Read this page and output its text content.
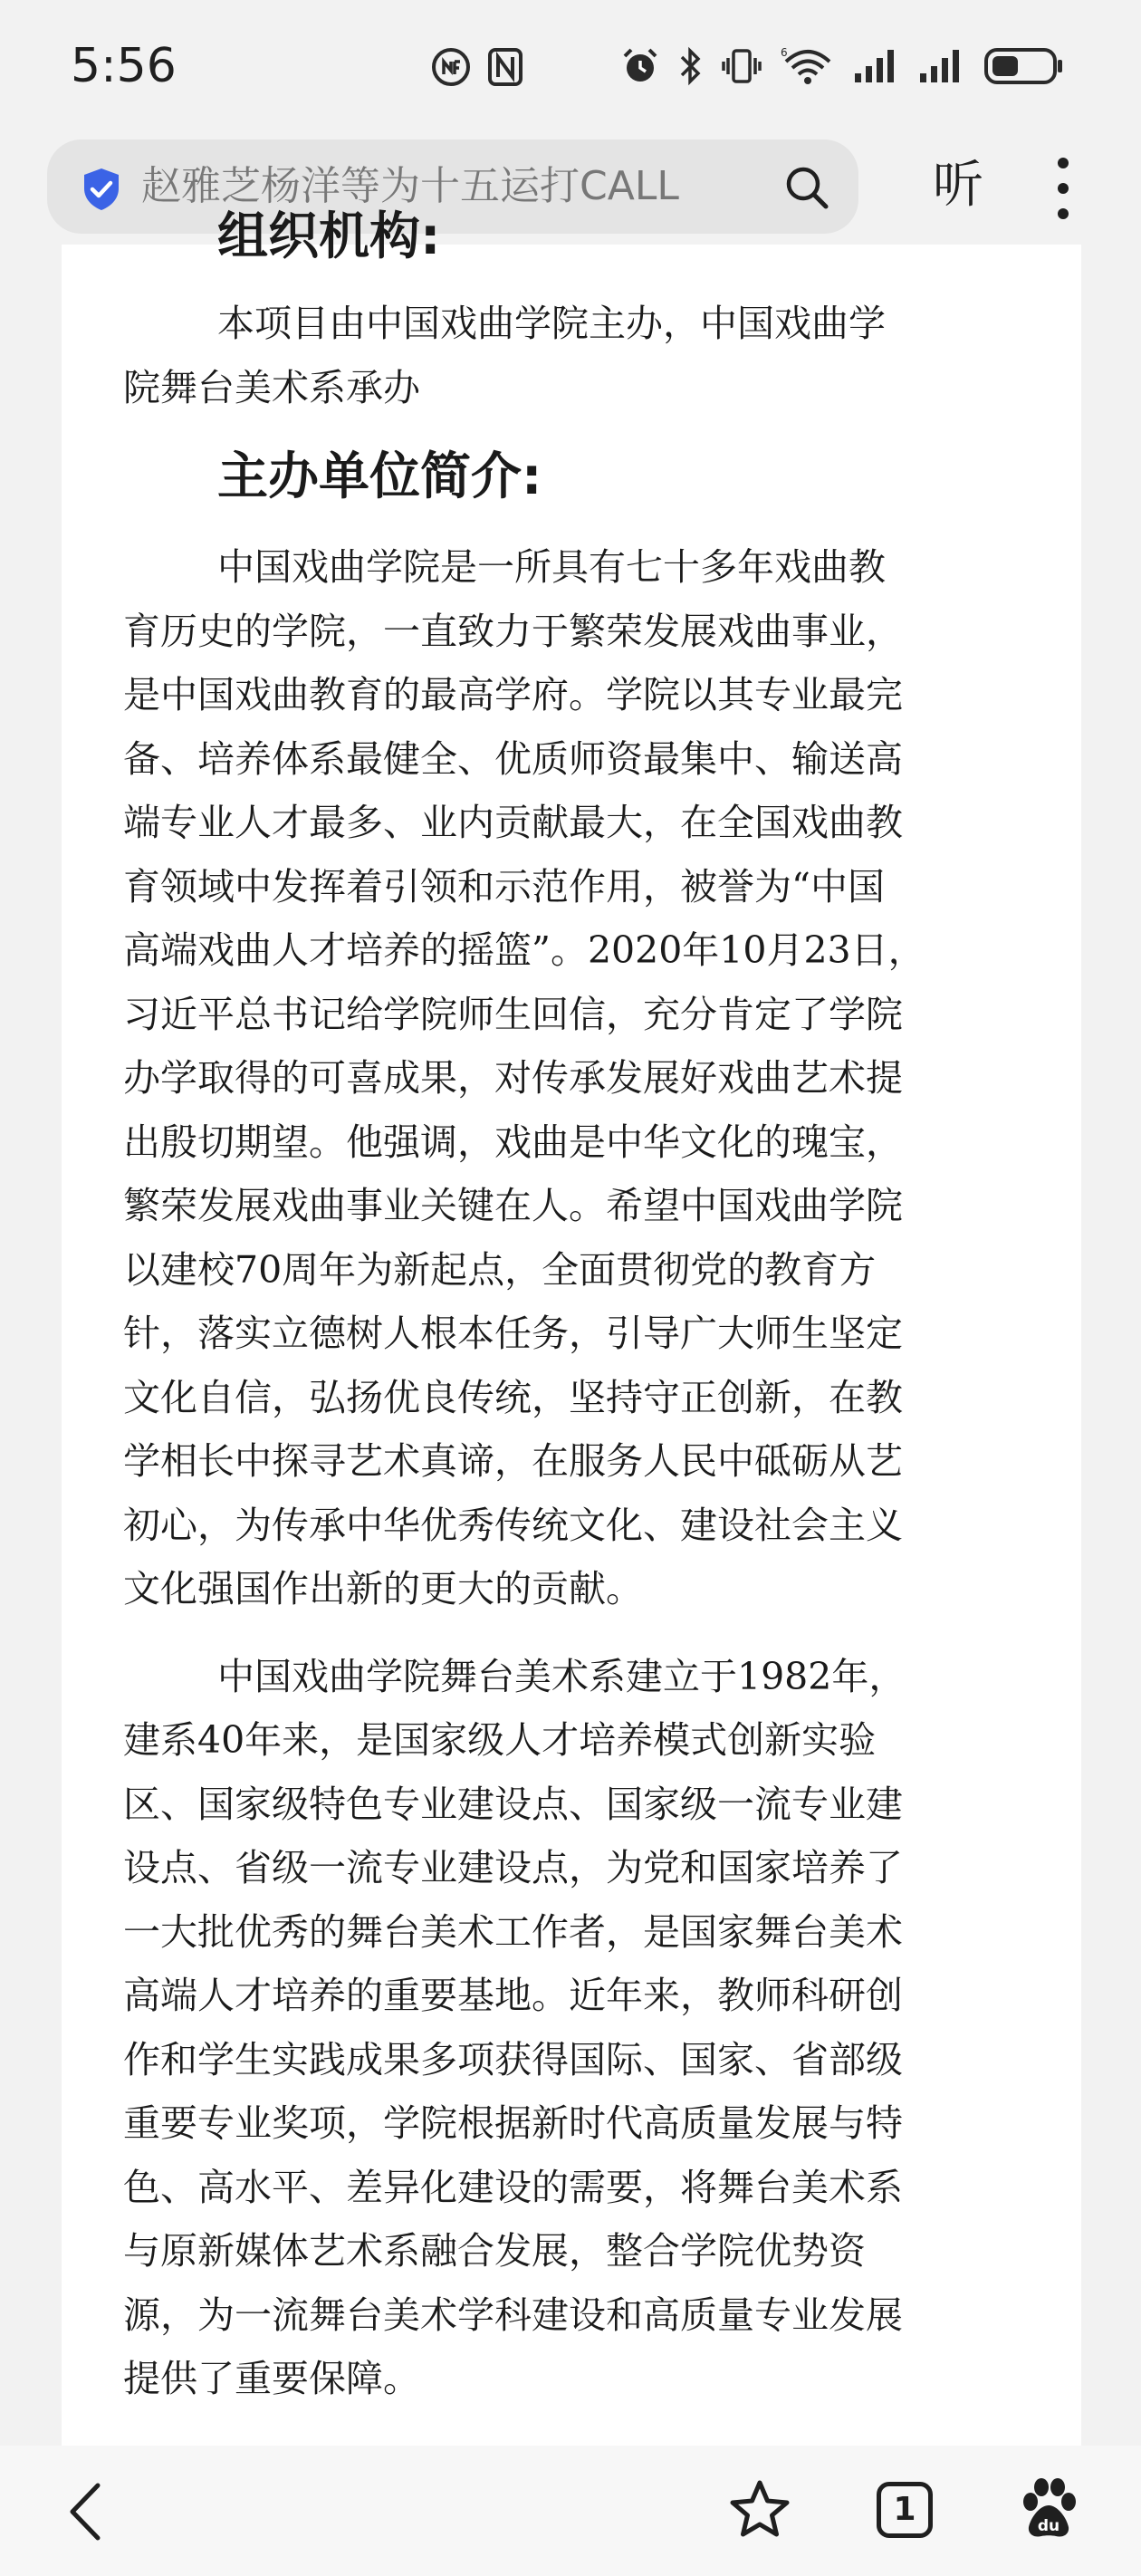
5:56	6
赵雅芝杨洋等为十五运打CALL	听
组织机构:
本项目由中国戏曲学院主办，中国戏曲学
院舞台美术系承办
主办单位简介:
中国戏曲学院是一所具有七十多年戏曲教
育历史的学院，一直致力于繁荣发展戏曲事业，
是中国戏曲教育的最高学府。学院以其专业最完
备、培养体系最健全、优质师资最集中、输送高
端专业人才最多、业内贡献最大，在全国戏曲教
育领域中发挥着引领和示范作用，被誉为“中国
高端戏曲人才培养的摇篮”。2020年10月23日，
习近平总书记给学院师生回信，充分肯定了学院
办学取得的可喜成果，对传承发展好戏曲艺术提
出殷切期望。他强调，戏曲是中华文化的瑰宝，
繁荣发展戏曲事业关键在人。希望中国戏曲学院
以建校70周年为新起点，全面贯彻党的教育方
针，落实立德树人根本任务，引导广大师生坚定
文化自信，弘扬优良传统，坚持守正创新，在教
学相长中探寻艺术真谛，在服务人民中砥砺从艺
初心，为传承中华优秀传统文化、建设社会主义
文化强国作出新的更大的贡献。
中国戏曲学院舞台美术系建立于1982年，
建系40年来，是国家级人才培养模式创新实验
区、国家级特色专业建设点、国家级一流专业建
设点、省级一流专业建设点，为党和国家培养了
一大批优秀的舞台美术工作者，是国家舞台美术
高端人才培养的重要基地。近年来，教师科研创
作和学生实践成果多项获得国际、国家、省部级
重要专业奖项，学院根据新时代高质量发展与特
色、高水平、差异化建设的需要，将舞台美术系
与原新媒体艺术系融合发展，整合学院优势资
源，为一流舞台美术学科建设和高质量专业发展
提供了重要保障。
1	du
